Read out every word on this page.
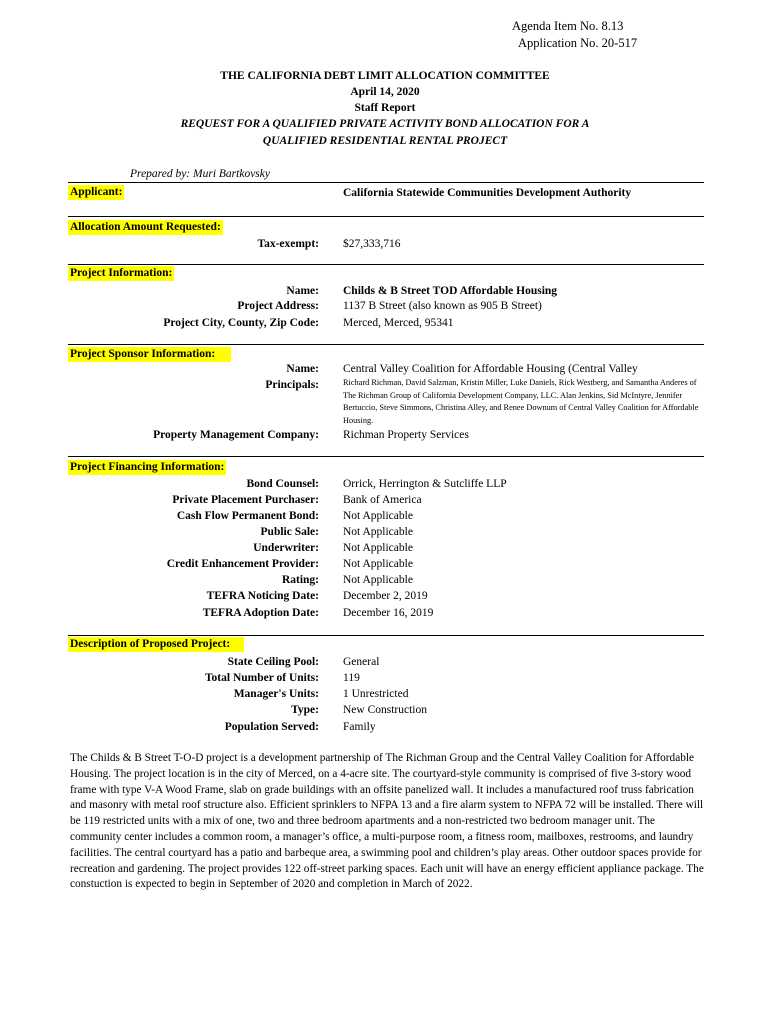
Agenda Item No. 8.13
Application No. 20-517
THE CALIFORNIA DEBT LIMIT ALLOCATION COMMITTEE
April 14, 2020
Staff Report
REQUEST FOR A QUALIFIED PRIVATE ACTIVITY BOND ALLOCATION FOR A
QUALIFIED RESIDENTIAL RENTAL PROJECT
Prepared by: Muri Bartkovsky
Applicant:	California Statewide Communities Development Authority
Allocation Amount Requested:
Tax-exempt: $27,333,716
Project Information:
Name: Childs & B Street TOD Affordable Housing
Project Address: 1137 B Street (also known as 905 B Street)
Project City, County, Zip Code: Merced, Merced, 95341
Project Sponsor Information:
Name: Central Valley Coalition for Affordable Housing (Central Valley
Principals:	Richard Richman, David Salzman, Kristin Miller, Luke Daniels, Rick Westberg, and Samantha Anderes of The Richman Group of California Development Company, LLC. Alan Jenkins, Sid McIntyre, Jennifer Bertuccio, Steve Simmons, Christina Alley, and Renee Downum of Central Valley Coalition for Affordable Housing.
Property Management Company: Richman Property Services
Project Financing Information:
Bond Counsel: Orrick, Herrington & Sutcliffe LLP
Private Placement Purchaser: Bank of America
Cash Flow Permanent Bond: Not Applicable
Public Sale: Not Applicable
Underwriter: Not Applicable
Credit Enhancement Provider: Not Applicable
Rating: Not Applicable
TEFRA Noticing Date: December 2, 2019
TEFRA Adoption Date: December 16, 2019
Description of Proposed Project:
State Ceiling Pool: General
Total Number of Units: 119
Manager's Units: 1 Unrestricted
Type: New Construction
Population Served: Family
The Childs & B Street T-O-D project is a development partnership of The Richman Group and the Central Valley Coalition for Affordable Housing. The project location is in the city of Merced, on a 4-acre site. The courtyard-style community is comprised of five 3-story wood frame with type V-A Wood Frame, slab on grade buildings with an offsite panelized wall. It includes a manufactured roof truss fabrication and masonry with metal roof structure also. Efficient sprinklers to NFPA 13 and a fire alarm system to NFPA 72 will be installed. There will be 119 restricted units with a mix of one, two and three bedroom apartments and a non-restricted two bedroom manager unit. The community center includes a common room, a manager’s office, a multi-purpose room, a fitness room, mailboxes, restrooms, and laundry facilities. The central courtyard has a patio and barbeque area, a swimming pool and children’s play areas. Other outdoor spaces provide for recreation and gardening. The project provides 122 off-street parking spaces. Each unit will have an energy efficient appliance package. The constuction is expected to begin in September of 2020 and completion in March of 2022.
